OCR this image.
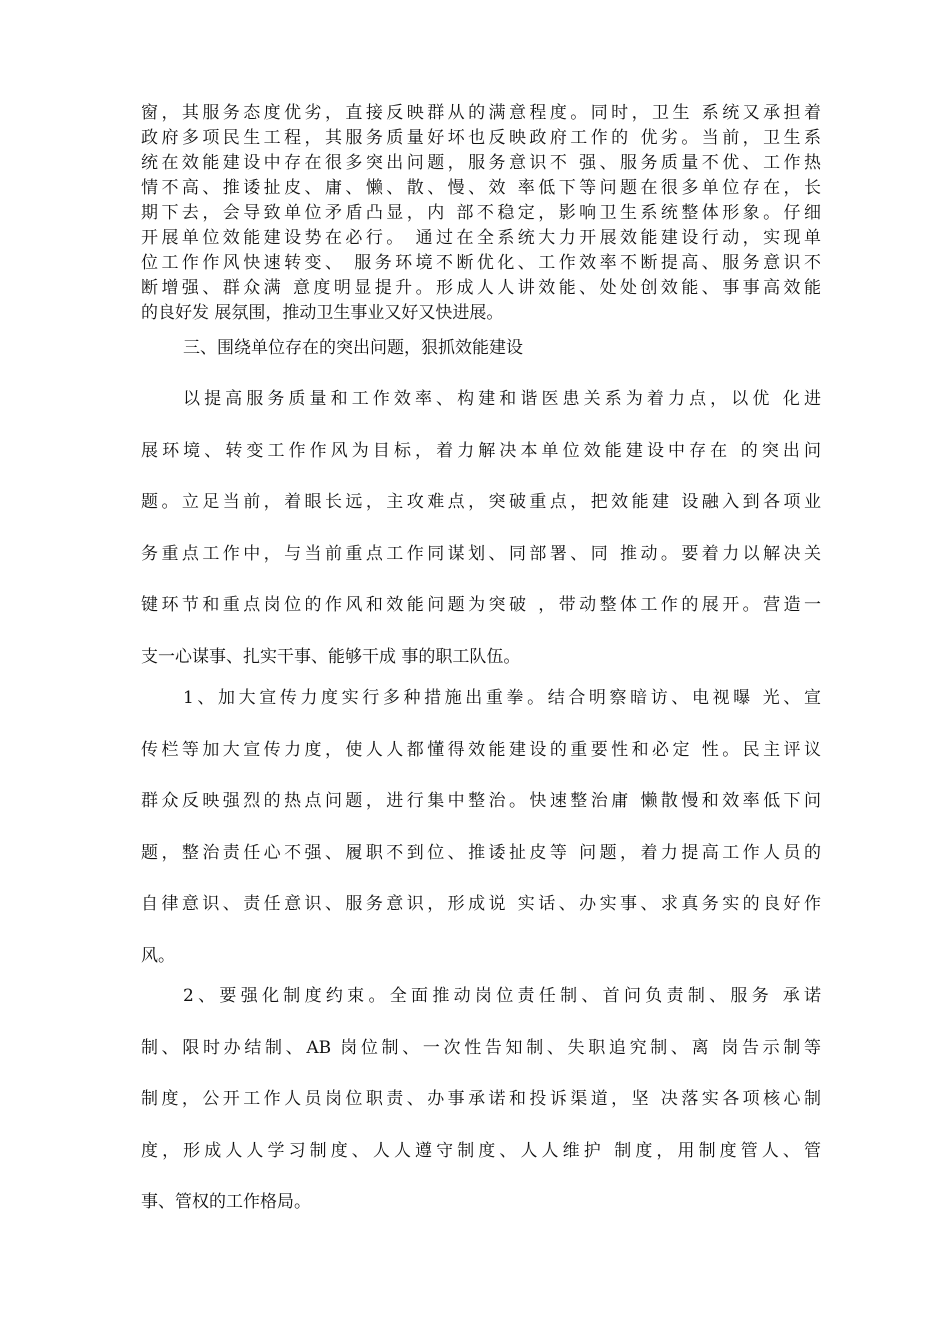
窗，其服务态度优劣，直接反映群从的满意程度。同时，卫生 系统又承担着
政府多项民生工程，其服务质量好坏也反映政府工作的 优劣。当前，卫生系
统在效能建设中存在很多突出问题，服务意识不 强、服务质量不优、工作热
情不高、推诿扯皮、庸、懒、散、慢、效 率低下等问题在很多单位存在，长
期下去，会导致单位矛盾凸显，内 部不稳定，影响卫生系统整体形象。仔细
开展单位效能建设势在必行。 通过在全系统大力开展效能建设行动，实现单
位工作作风快速转变、 服务环境不断优化、工作效率不断提高、服务意识不
断增强、群众满 意度明显提升。形成人人讲效能、处处创效能、事事高效能
的良好发 展氛围，推动卫生事业又好又快进展。
三、围绕单位存在的突出问题，狠抓效能建设
以提高服务质量和工作效率、构建和谐医患关系为着力点，以优 化进
展环境、转变工作作风为目标，着力解决本单位效能建设中存在 的突出问
题。立足当前，着眼长远，主攻难点，突破重点，把效能建 设融入到各项业
务重点工作中，与当前重点工作同谋划、同部署、同 推动。要着力以解决关
键环节和重点岗位的作风和效能问题为突破 ，带动整体工作的展开。营造一
支一心谋事、扎实干事、能够干成 事的职工队伍。
1、加大宣传力度实行多种措施出重拳。结合明察暗访、电视曝 光、宣
传栏等加大宣传力度，使人人都懂得效能建设的重要性和必定 性。民主评议
群众反映强烈的热点问题，进行集中整治。快速整治庸 懒散慢和效率低下问
题，整治责任心不强、履职不到位、推诿扯皮等 问题，着力提高工作人员的
自律意识、责任意识、服务意识，形成说 实话、办实事、求真务实的良好作
风。
2、要强化制度约束。全面推动岗位责任制、首问负责制、服务 承诺
制、限时办结制、AB 岗位制、一次性告知制、失职追究制、离 岗告示制等
制度，公开工作人员岗位职责、办事承诺和投诉渠道，坚 决落实各项核心制
度，形成人人学习制度、人人遵守制度、人人维护 制度，用制度管人、管
事、管权的工作格局。
